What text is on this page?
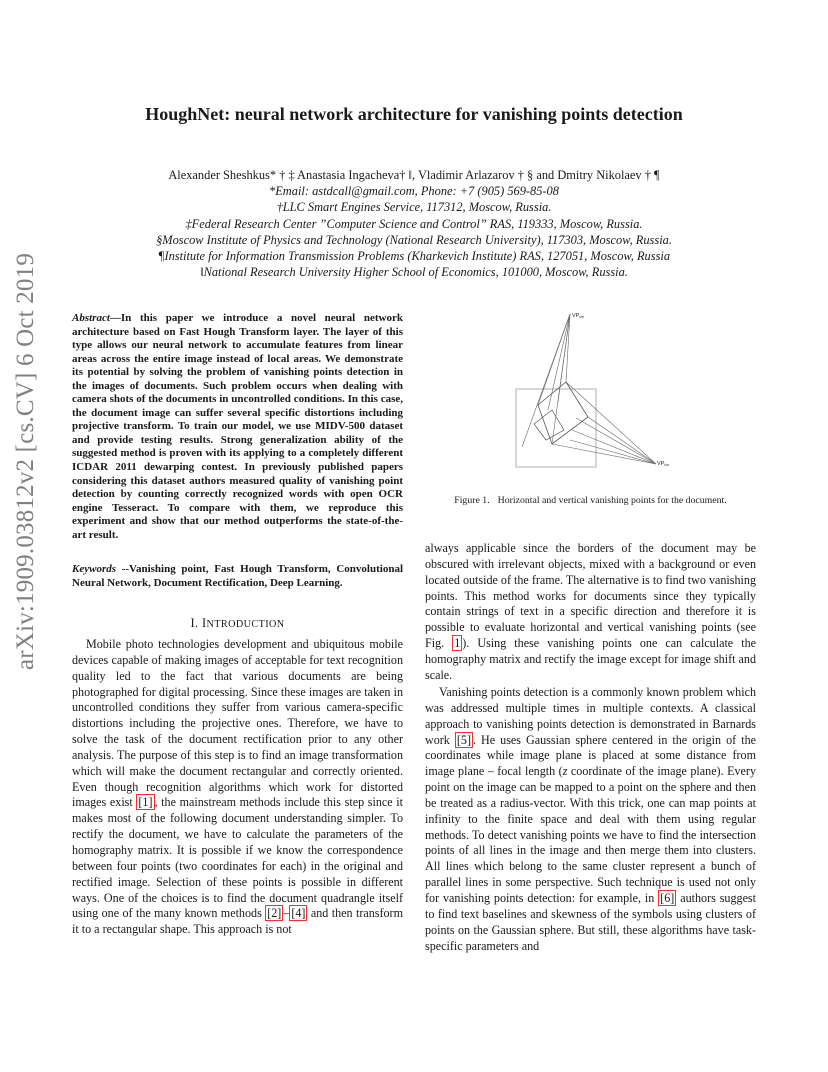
arXiv:1909.03812v2 [cs.CV] 6 Oct 2019
HoughNet: neural network architecture for vanishing points detection
Alexander Sheshkus* † ‡ Anastasia Ingacheva† ‖, Vladimir Arlazarov † § and Dmitry Nikolaev † ¶
*Email: astdcall@gmail.com, Phone: +7 (905) 569-85-08
†LLC Smart Engines Service, 117312, Moscow, Russia.
‡Federal Research Center ”Computer Science and Control” RAS, 119333, Moscow, Russia.
§Moscow Institute of Physics and Technology (National Research University), 117303, Moscow, Russia.
¶Institute for Information Transmission Problems (Kharkevich Institute) RAS, 127051, Moscow, Russia
‖National Research University Higher School of Economics, 101000, Moscow, Russia.
Abstract—In this paper we introduce a novel neural network architecture based on Fast Hough Transform layer. The layer of this type allows our neural network to accumulate features from linear areas across the entire image instead of local areas. We demonstrate its potential by solving the problem of vanishing points detection in the images of documents. Such problem occurs when dealing with camera shots of the documents in uncontrolled conditions. In this case, the document image can suffer several specific distortions including projective transform. To train our model, we use MIDV-500 dataset and provide testing results. Strong generalization ability of the suggested method is proven with its applying to a completely different ICDAR 2011 dewarping contest. In previously published papers considering this dataset authors measured quality of vanishing point detection by counting correctly recognized words with open OCR engine Tesseract. To compare with them, we reproduce this experiment and show that our method outperforms the state-of-the-art result.
Keywords --Vanishing point, Fast Hough Transform, Convolutional Neural Network, Document Rectification, Deep Learning.
I. INTRODUCTION

Mobile photo technologies development and ubiquitous mobile devices capable of making images of acceptable for text recognition quality led to the fact that various documents are being photographed for digital processing. Since these images are taken in uncontrolled conditions they suffer from various camera-specific distortions including the projective ones. Therefore, we have to solve the task of the document rectification prior to any other analysis. The purpose of this step is to find an image transformation which will make the document rectangular and correctly oriented. Even though recognition algorithms which work for distorted images exist [1] , the mainstream methods include this step since it makes most of the following document understanding simpler. To rectify the document, we have to calculate the parameters of the homography matrix. It is possible if we know the correspondence between four points (two coordinates for each) in the original and rectified image. Selection of these points is possible in different ways. One of the choices is to find the document quadrangle itself using one of the many known methods [2] – [4] and then transform it to a rectangular shape. This approach is not

VPver
VPhor
Figure 1. Horizontal and vertical vanishing points for the document.

always applicable since the borders of the document may be obscured with irrelevant objects, mixed with a background or even located outside of the frame. The alternative is to find two vanishing points. This method works for documents since they typically contain strings of text in a specific direction and therefore it is possible to evaluate horizontal and vertical vanishing points (see Fig. 1 ). Using these vanishing points one can calculate the homography matrix and rectify the image except for image shift and scale.

Vanishing points detection is a commonly known problem which was addressed multiple times in multiple contexts. A classical approach to vanishing points detection is demonstrated in Barnards work [5] . He uses Gaussian sphere centered in the origin of the coordinates while image plane is placed at some distance from image plane – focal length (z coordinate of the image plane). Every point on the image can be mapped to a point on the sphere and then be treated as a radius-vector. With this trick, one can map points at infinity to the finite space and deal with them using regular methods. To detect vanishing points we have to find the intersection points of all lines in the image and then merge them into clusters. All lines which belong to the same cluster represent a bunch of parallel lines in some perspective. Such technique is used not only for vanishing points detection: for example, in [6] authors suggest to find text baselines and skewness of the symbols using clusters of points on the Gaussian sphere. But still, these algorithms have task-specific parameters and
